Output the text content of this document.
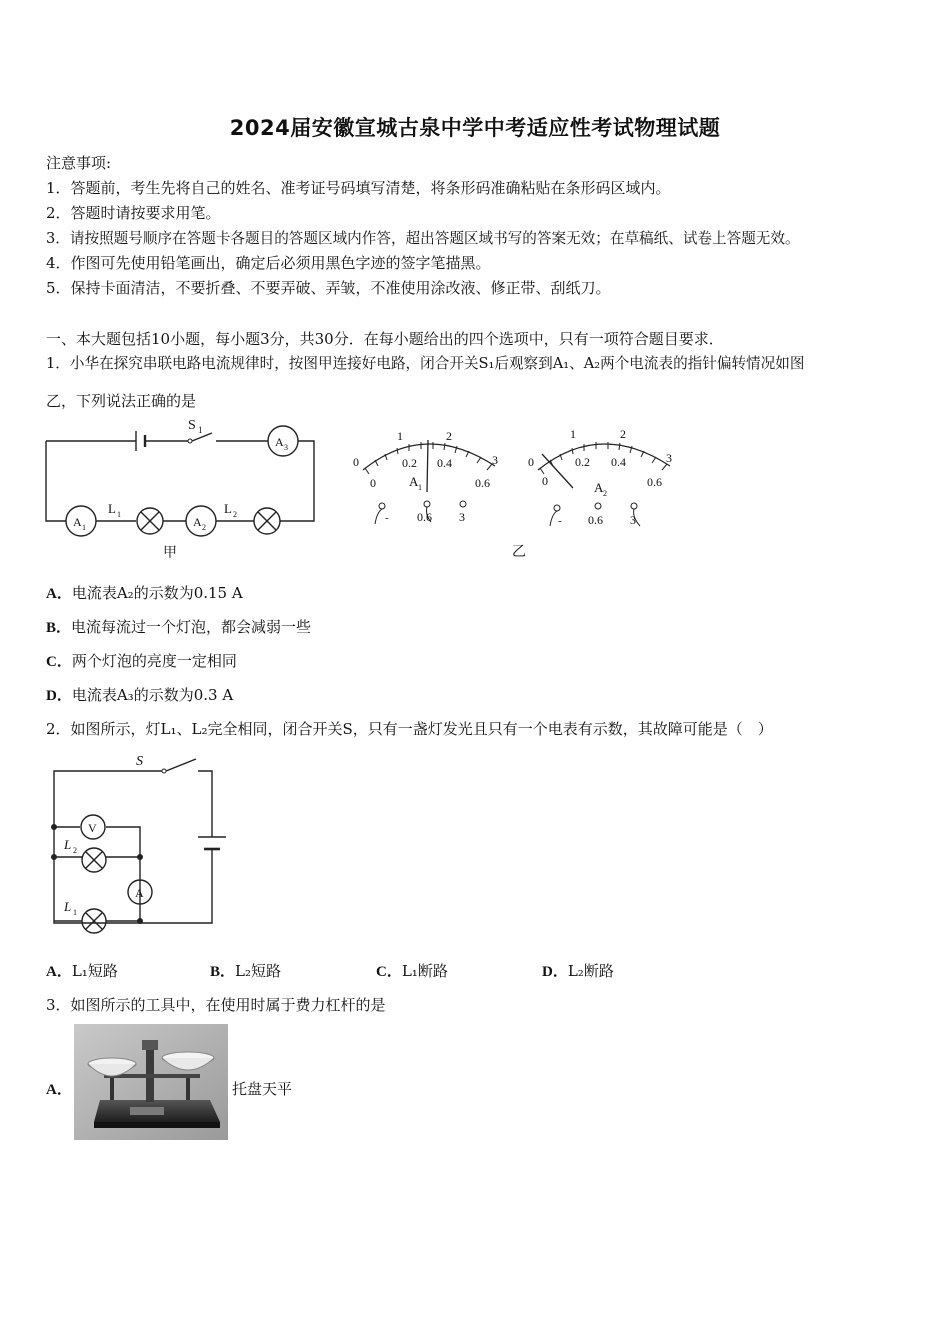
2024届安徽宣城古泉中学中考适应性考试物理试题
注意事项:
1．答题前，考生先将自己的姓名、准考证号码填写清楚，将条形码准确粘贴在条形码区域内。
2．答题时请按要求用笔。
3．请按照题号顺序在答题卡各题目的答题区域内作答，超出答题区域书写的答案无效；在草稿纸、试卷上答题无效。
4．作图可先使用铅笔画出，确定后必须用黑色字迹的签字笔描黑。
5．保持卡面清洁，不要折叠、不要弄破、弄皱，不准使用涂改液、修正带、刮纸刀。
一、本大题包括10小题，每小题3分，共30分．在每小题给出的四个选项中，只有一项符合题目要求．
1．小华在探究串联电路电流规律时，按图甲连接好电路，闭合开关S₁后观察到A₁、A₂两个电流表的指针偏转情况如图
乙，下列说法正确的是
S 1
A 3
A 1	A 2
L 1	L 2
甲
0
1	2
3
0
0.2 0.4
0.6
A 1
- 0.6 3
0
1	2
3
0
0.2 0.4
0.6
A 2
- 0.6 3
乙
A．电流表A₂的示数为0.15 A
B．电流每流过一个灯泡，都会减弱一些
C．两个灯泡的亮度一定相同
D．电流表A₃的示数为0.3 A
2．如图所示，灯L₁、L₂完全相同，闭合开关S，只有一盏灯发光且只有一个电表有示数，其故障可能是（　）
S
V
A
L 2
L 1
A．L₁短路	B．L₂短路	C．L₁断路	D．L₂断路
3．如图所示的工具中，在使用时属于费力杠杆的是
A．	托盘天平
